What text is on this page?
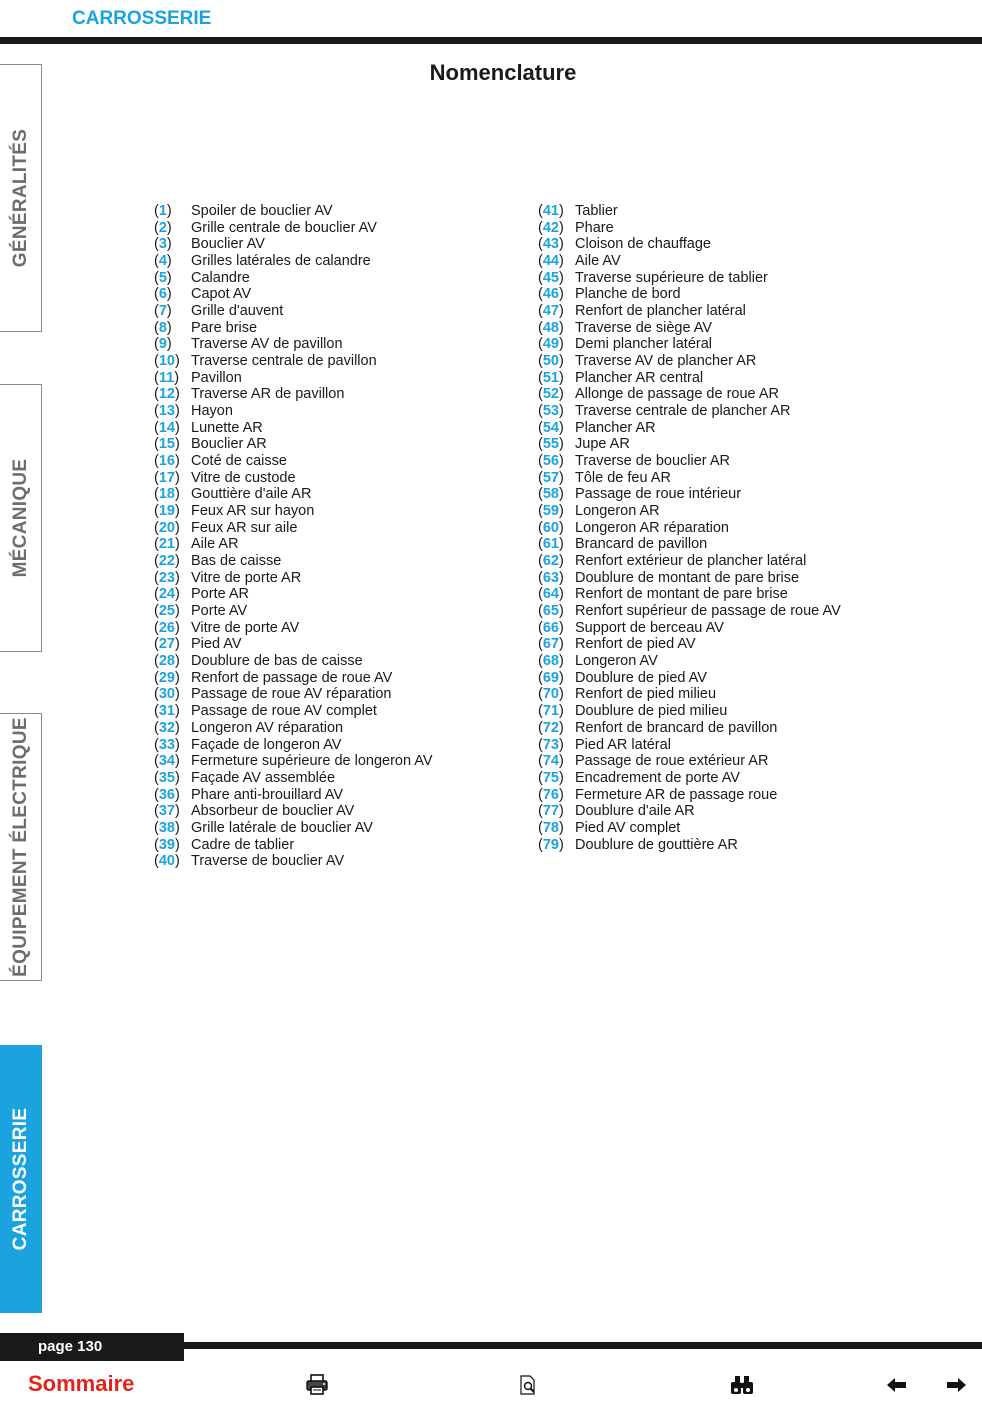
CARROSSERIE
Nomenclature
GÉNÉRALITÉS
MÉCANIQUE
ÉQUIPEMENT ÉLECTRIQUE
CARROSSERIE
(1) Spoiler de bouclier AV
(2) Grille centrale de bouclier AV
(3) Bouclier AV
(4) Grilles latérales de calandre
(5) Calandre
(6) Capot AV
(7) Grille d'auvent
(8) Pare brise
(9) Traverse AV de pavillon
(10) Traverse centrale de pavillon
(11) Pavillon
(12) Traverse AR de pavillon
(13) Hayon
(14) Lunette AR
(15) Bouclier AR
(16) Coté de caisse
(17) Vitre de custode
(18) Gouttière d'aile AR
(19) Feux AR sur hayon
(20) Feux AR sur aile
(21) Aile AR
(22) Bas de caisse
(23) Vitre de porte AR
(24) Porte AR
(25) Porte AV
(26) Vitre de porte AV
(27) Pied AV
(28) Doublure de bas de caisse
(29) Renfort de passage de roue AV
(30) Passage de roue AV réparation
(31) Passage de roue AV complet
(32) Longeron AV réparation
(33) Façade de longeron AV
(34) Fermeture supérieure de longeron AV
(35) Façade AV assemblée
(36) Phare anti-brouillard AV
(37) Absorbeur de bouclier AV
(38) Grille latérale de bouclier AV
(39) Cadre de tablier
(40) Traverse de bouclier AV
(41) Tablier
(42) Phare
(43) Cloison de chauffage
(44) Aile AV
(45) Traverse supérieure de tablier
(46) Planche de bord
(47) Renfort de plancher latéral
(48) Traverse de siège AV
(49) Demi plancher latéral
(50) Traverse AV de plancher AR
(51) Plancher AR central
(52) Allonge de passage de roue AR
(53) Traverse centrale de plancher AR
(54) Plancher AR
(55) Jupe AR
(56) Traverse de bouclier AR
(57) Tôle de feu AR
(58) Passage de roue intérieur
(59) Longeron AR
(60) Longeron AR réparation
(61) Brancard de pavillon
(62) Renfort extérieur de plancher latéral
(63) Doublure de montant de pare brise
(64) Renfort de montant de pare brise
(65) Renfort supérieur de passage de roue AV
(66) Support de berceau AV
(67) Renfort de pied AV
(68) Longeron AV
(69) Doublure de pied AV
(70) Renfort de pied milieu
(71) Doublure de pied milieu
(72) Renfort de brancard de pavillon
(73) Pied AR latéral
(74) Passage de roue extérieur AR
(75) Encadrement de porte AV
(76) Fermeture AR de passage roue
(77) Doublure d'aile AR
(78) Pied AV complet
(79) Doublure de gouttière AR
page 130
Sommaire
